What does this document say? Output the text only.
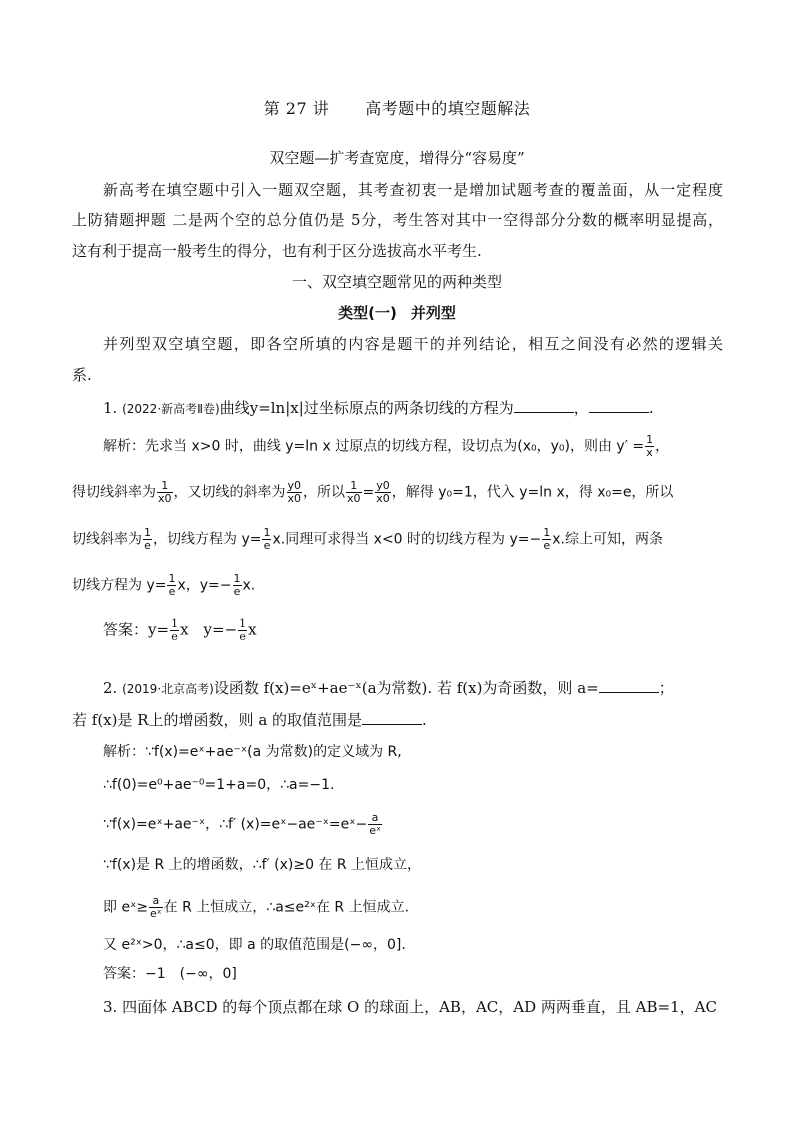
第 27 讲 高考题中的填空题解法
双空题—扩考查宽度，增得分“容易度”
新高考在填空题中引入一题双空题，其考查初衷一是增加试题考查的覆盖面，从一定程度
上防猜题押题 二是两个空的总分值仍是 5分，考生答对其中一空得部分分数的概率明显提高，
这有利于提高一般考生的得分，也有利于区分选拔高水平考生.
一、双空填空题常见的两种类型
类型(一) 并列型
并列型双空填空题，即各空所填的内容是题干的并列结论，相互之间没有必然的逻辑关
系.
1. (2022·新高考Ⅱ卷)曲线y=ln|x|过坐标原点的两条切线的方程为	，	.
解析：先求当 x>0 时，曲线 y=ln x 过原点的切线方程，设切点为(x₀，y₀)，则由 $y' = \frac{1}{x}$ ，
得切线斜率为 $\frac{1}{x0}$ ，又切线的斜率为 $\frac{y0}{x0}$ ，所以 $\frac{1}{x0} = \frac{y0}{x0}$ ，解得 y₀=1，代入 y=ln x，得 x₀=e，所以
切线斜率为 $\frac{1}{e}$ ，切线方程为 $y= \frac{1}{e} x$.同理可求得当 x<0 时的切线方程为 $y=- \frac{1}{e} x$.综上可知，两条
切线方程为 $y= \frac{1}{e}$ x，$y=- \frac{1}{e} x$.
答案：$y= \frac{1}{e}$ x　$y=- \frac{1}{e}$ x
2. (2019·北京高考)设函数 f(x)=eˣ+ae⁻ˣ(a为常数). 若 f(x)为奇函数，则 a=	；
若 f(x)是 R上的增函数，则 a 的取值范围是	.
解析：∵f(x)=eˣ+ae⁻ˣ(a 为常数)的定义域为 R,
∴f(0)=e⁰+ae⁻⁰=1+a=0，∴a=−1.
∵f(x)=eˣ+ae⁻ˣ，∴f′ (x)=eˣ−ae⁻ˣ=eˣ− $\frac{a}{\text{eˣ}}$
∵f(x)是 R 上的增函数，∴f′ (x)≥0 在 R 上恒成立，
即 eˣ≥ $\frac{a}{\text{eˣ}}$ 在 R 上恒成立，∴a≤e²ˣ在 R 上恒成立.
又 e²ˣ>0，∴a≤0，即 a 的取值范围是(−∞，0].
答案：−1　(−∞，0]
3. 四面体 ABCD 的每个顶点都在球 O 的球面上，AB，AC，AD 两两垂直，且 AB=1，AC
